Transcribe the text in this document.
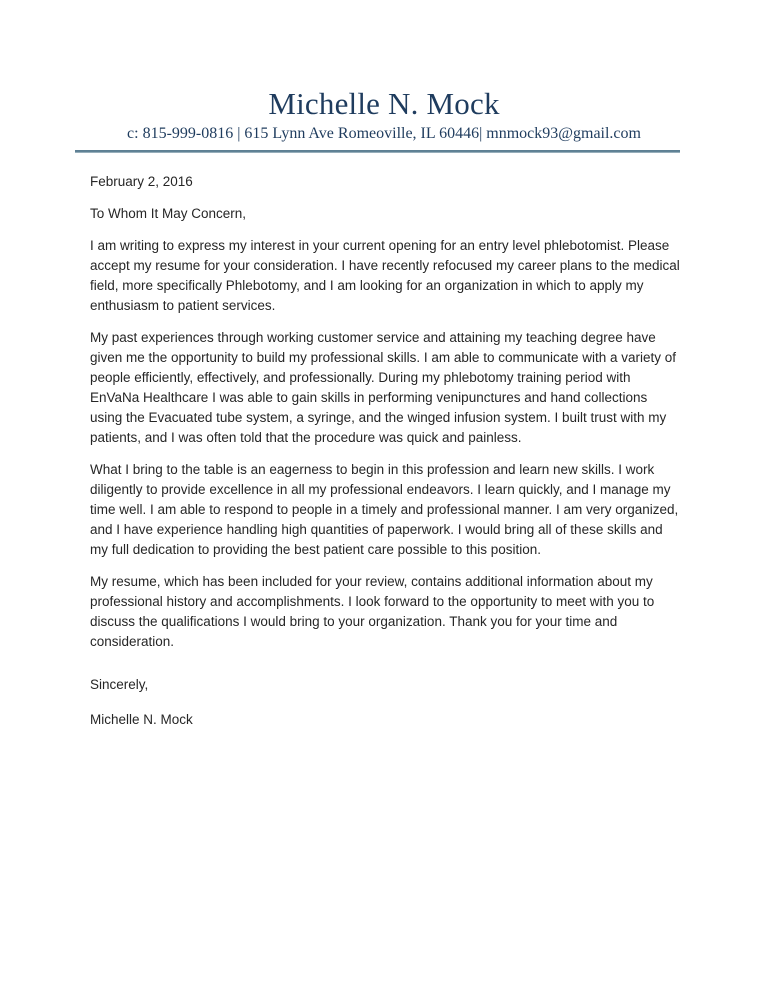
Michelle N. Mock
c: 815-999-0816 | 615 Lynn Ave Romeoville, IL 60446| mnmock93@gmail.com

February 2, 2016

To Whom It May Concern,

I am writing to express my interest in your current opening for an entry level phlebotomist. Please accept my resume for your consideration. I have recently refocused my career plans to the medical field, more specifically Phlebotomy, and I am looking for an organization in which to apply my enthusiasm to patient services.

My past experiences through working customer service and attaining my teaching degree have given me the opportunity to build my professional skills. I am able to communicate with a variety of people efficiently, effectively, and professionally. During my phlebotomy training period with EnVaNa Healthcare I was able to gain skills in performing venipunctures and hand collections using the Evacuated tube system, a syringe, and the winged infusion system. I built trust with my patients, and I was often told that the procedure was quick and painless.

What I bring to the table is an eagerness to begin in this profession and learn new skills. I work diligently to provide excellence in all my professional endeavors. I learn quickly, and I manage my time well. I am able to respond to people in a timely and professional manner. I am very organized, and I have experience handling high quantities of paperwork. I would bring all of these skills and my full dedication to providing the best patient care possible to this position.

My resume, which has been included for your review, contains additional information about my professional history and accomplishments. I look forward to the opportunity to meet with you to discuss the qualifications I would bring to your organization. Thank you for your time and consideration.

Sincerely,

Michelle N. Mock
